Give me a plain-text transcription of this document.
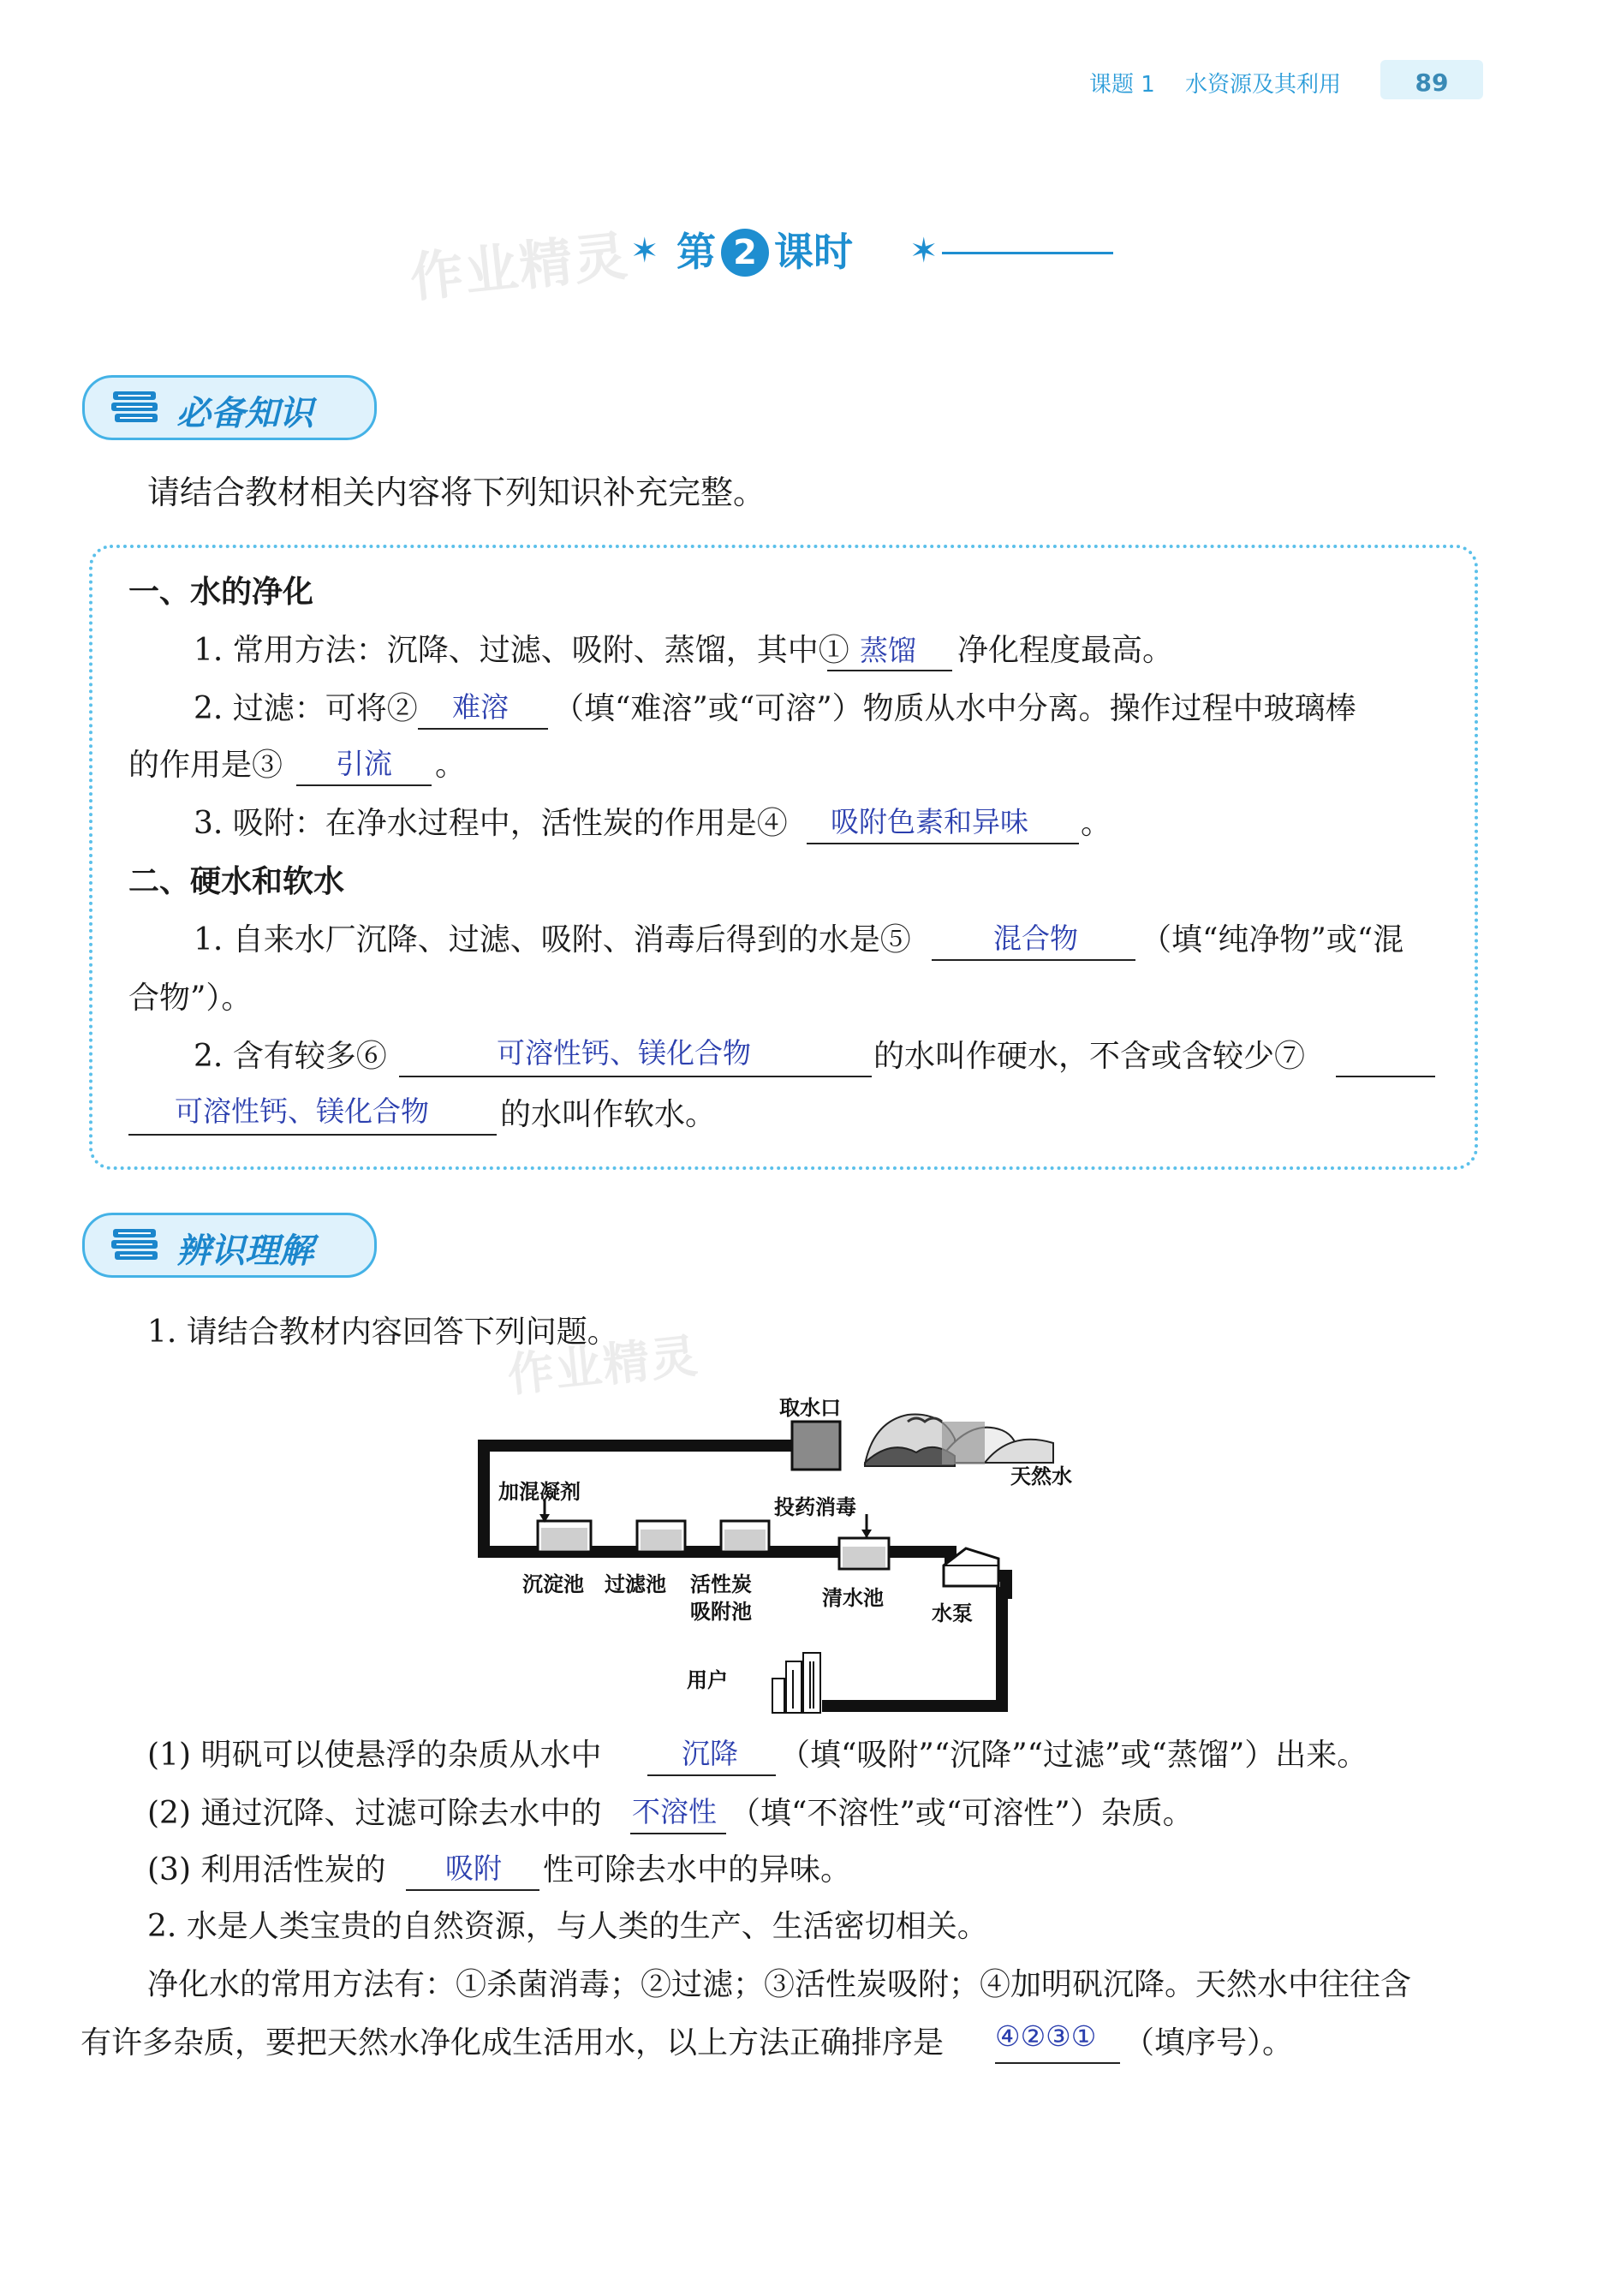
课题 1 水资源及其利用	89
作业精灵
作业精灵
✶ 第 2 课时 ✶
必备知识
请结合教材相关内容将下列知识补充完整。
一、水的净化
1. 常用方法：沉降、过滤、吸附、蒸馏，其中① 蒸馏 净化程度最高。
2. 过滤：可将② 难溶 （填“难溶”或“可溶”）物质从水中分离。操作过程中玻璃棒
的作用是③ 引流 。
3. 吸附：在净水过程中，活性炭的作用是④ 吸附色素和异味 。
二、硬水和软水
1. 自来水厂沉降、过滤、吸附、消毒后得到的水是⑤	混合物 （填“纯净物”或“混
合物”）。
2. 含有较多⑥	可溶性钙、镁化合物	的水叫作硬水，不含或含较少⑦
可溶性钙、镁化合物 的水叫作软水。
辨识理解
1. 请结合教材内容回答下列问题。
取水口
天然水
加混凝剂
投药消毒
沉淀池 过滤池 活性炭
吸附池
清水池
水泵
用户
(1) 明矾可以使悬浮的杂质从水中	沉降 （填“吸附”“沉降”“过滤”或“蒸馏”）出来。
(2) 通过沉降、过滤可除去水中的 不溶性 （填“不溶性”或“可溶性”）杂质。
(3) 利用活性炭的 吸附 性可除去水中的异味。
2. 水是人类宝贵的自然资源，与人类的生产、生活密切相关。
净化水的常用方法有：①杀菌消毒；②过滤；③活性炭吸附；④加明矾沉降。天然水中往往含
有许多杂质，要把天然水净化成生活用水，以上方法正确排序是 ④②③① （填序号）。
